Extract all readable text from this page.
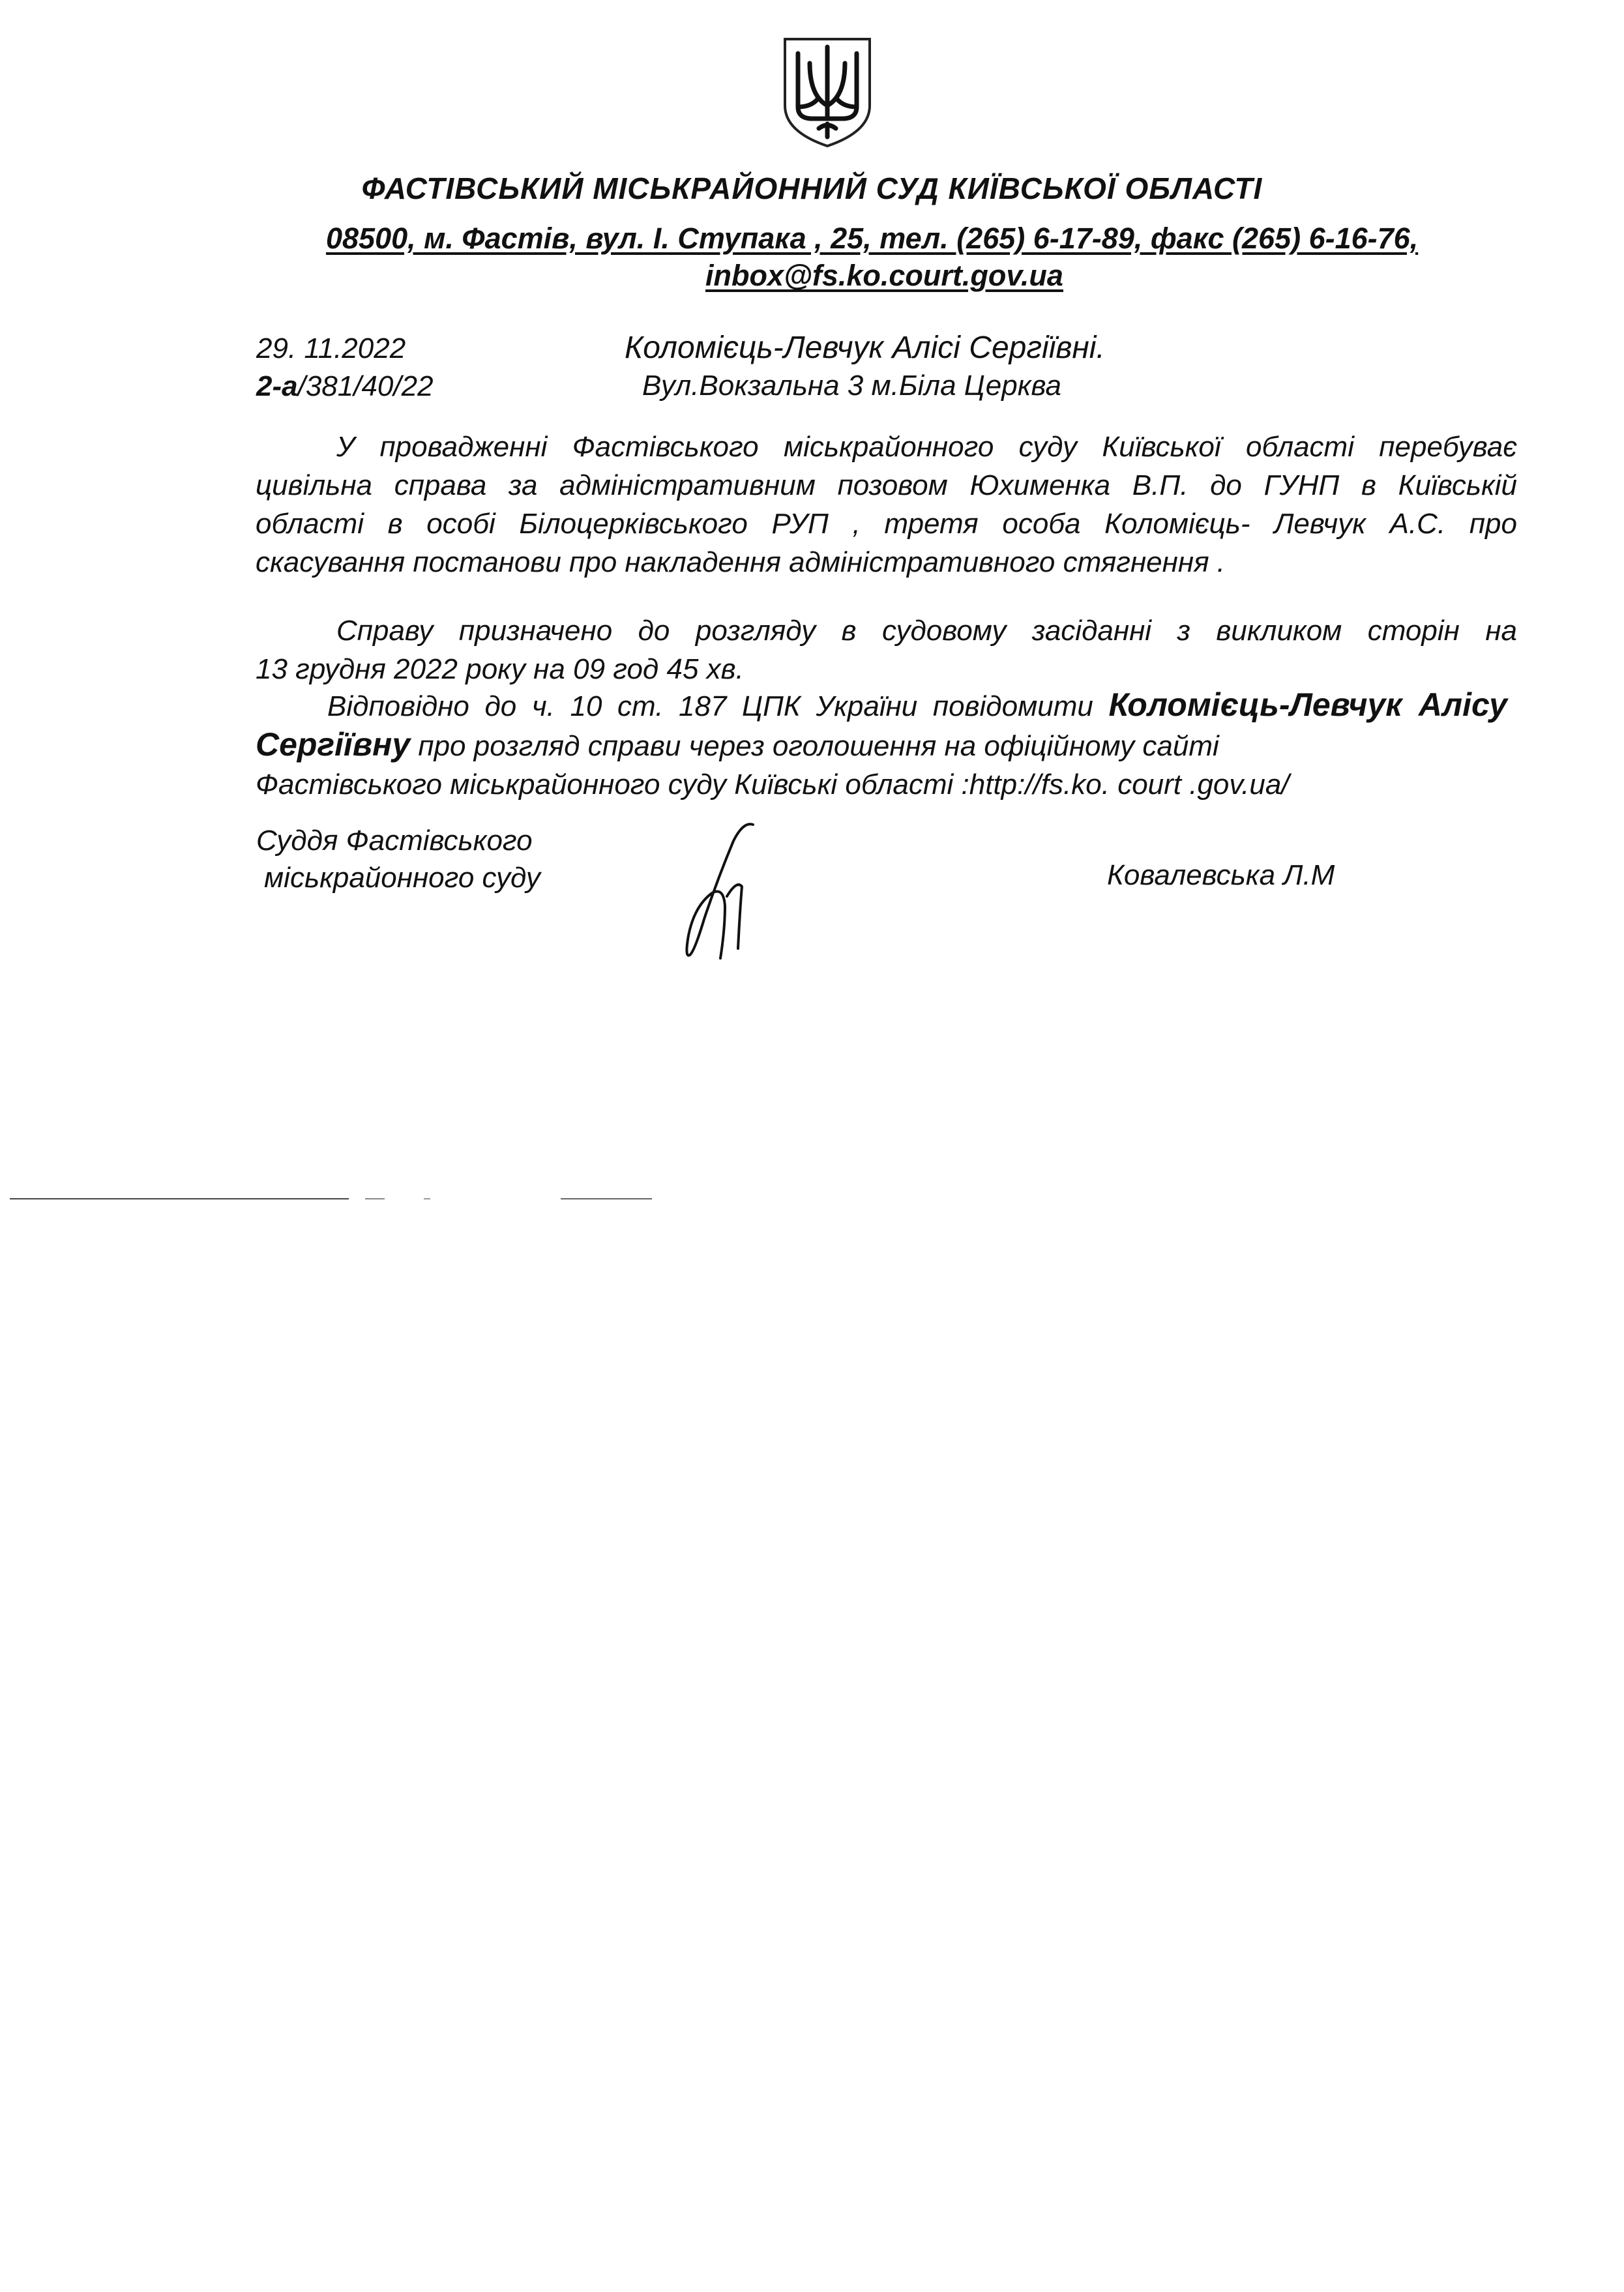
ФАСТІВСЬКИЙ МІСЬКРАЙОННИЙ СУД КИЇВСЬКОЇ ОБЛАСТІ
08500, м. Фастів, вул. І. Ступака , 25, тел. (265) 6-17-89, факс (265) 6-16-76,
inbox@fs.ko.court.gov.ua
29. 11.2022
2-а/381/40/22
Коломієць-Левчук Алісі Сергіївні.
Вул.Вокзальна 3 м.Біла Церква
У провадженні Фастівського міськрайонного суду Київської області перебуває
цивільна справа за адміністративним позовом Юхименка В.П. до ГУНП в Київській
області в особі Білоцерківського РУП , третя особа Коломієць- Левчук А.С. про
скасування постанови про накладення адміністративного стягнення .
Справу призначено до розгляду в судовому засіданні з викликом сторін на
13 грудня 2022 року на 09 год 45 хв.
Відповідно до ч. 10 ст. 187 ЦПК України повідомити Коломієць-Левчук Алісу
Сергіївну про розгляд справи через оголошення на офіційному сайті
Фастівського міськрайонного суду Київські області :http://fs.ko. court .gov.ua/
Суддя Фастівського
міськрайонного суду	Ковалевська Л.М
